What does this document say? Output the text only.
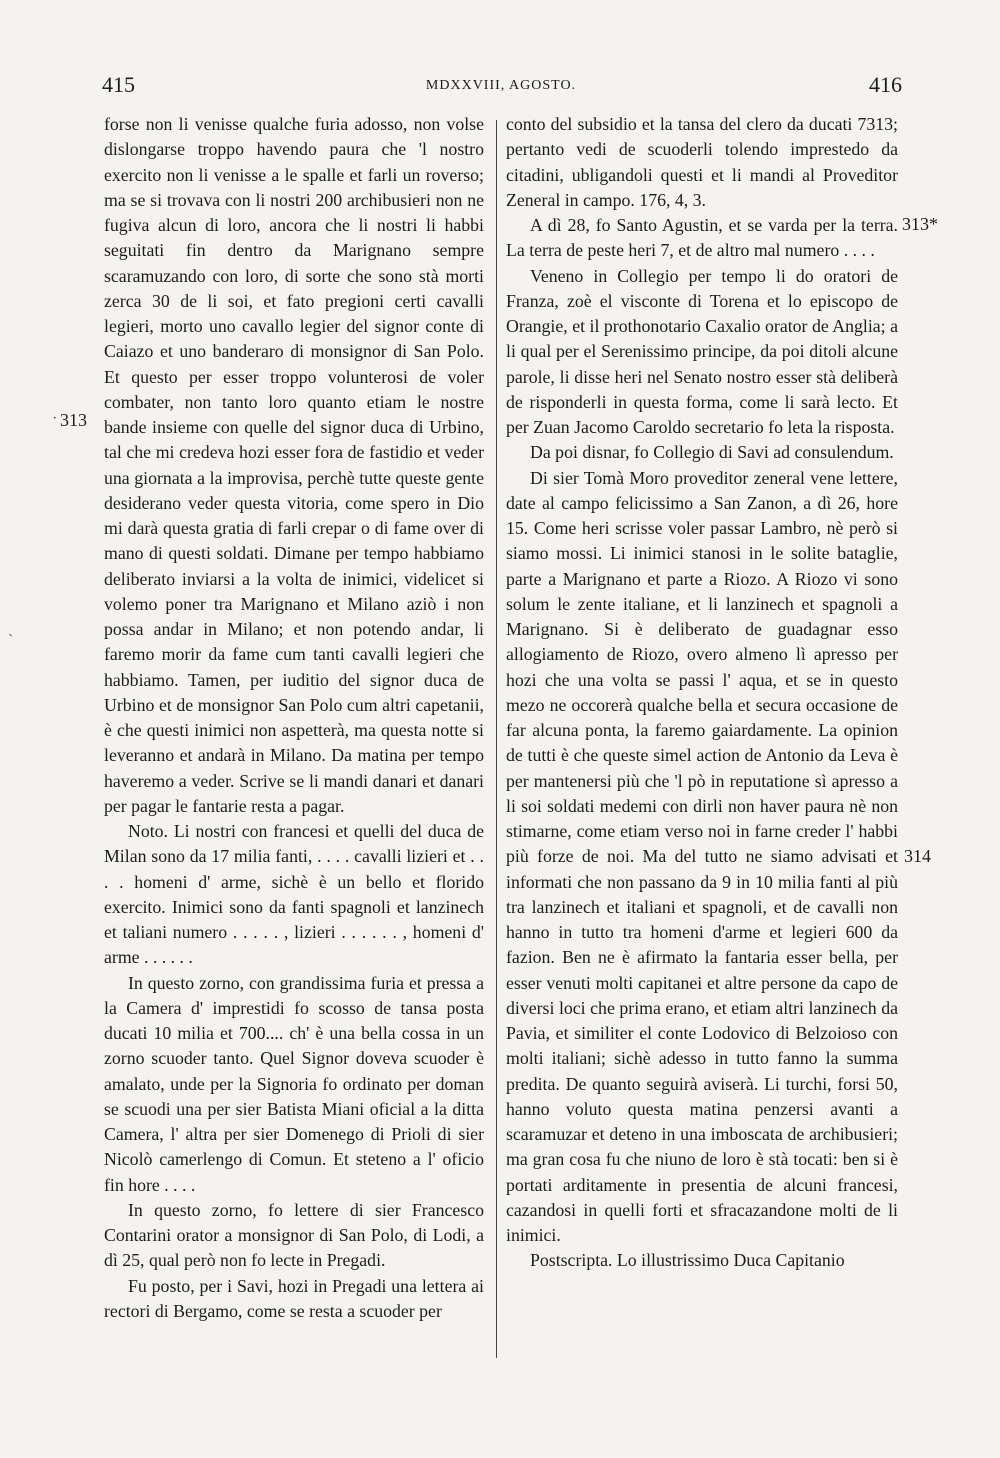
415	MDXXVIII, AGOSTO.	416
·
˴
313
313*
314

forse non li venisse qualche furia adosso, non volse dislongarse troppo havendo paura che 'l nostro exercito non li venisse a le spalle et farli un roverso; ma se si trovava con li nostri 200 archibusieri non ne fugiva alcun di loro, ancora che li nostri li habbi seguitati fin dentro da Marignano sempre scaramuzando con loro, di sorte che sono stà morti zerca 30 de li soi, et fato pregioni certi cavalli legieri, morto uno cavallo legier del signor conte di Caiazo et uno banderaro di monsignor di San Polo. Et questo per esser troppo volunterosi de voler combater, non tanto loro quanto etiam le nostre bande insieme con quelle del signor duca di Urbino, tal che mi credeva hozi esser fora de fastidio et veder una giornata a la improvisa, perchè tutte queste gente desiderano veder questa vitoria, come spero in Dio mi darà questa gratia di farli crepar o di fame over di mano di questi soldati. Dimane per tempo habbiamo deliberato inviarsi a la volta de inimici, videlicet si volemo poner tra Marignano et Milano aziò i non possa andar in Milano; et non potendo andar, li faremo morir da fame cum tanti cavalli legieri che habbiamo. Tamen, per iuditio del signor duca de Urbino et de monsignor San Polo cum altri capetanii, è che questi inimici non aspetterà, ma questa notte si leveranno et andarà in Milano. Da matina per tempo haveremo a veder. Scrive se li mandi danari et danari per pagar le fantarie resta a pagar.

Noto. Li nostri con francesi et quelli del duca de Milan sono da 17 milia fanti, . . . . cavalli lizieri et . . . . homeni d' arme, sichè è un bello et florido exercito. Inimici sono da fanti spagnoli et lanzinech et taliani numero . . . . . , lizieri . . . . . . , homeni d' arme . . . . . .

In questo zorno, con grandissima furia et pressa a la Camera d' imprestidi fo scosso de tansa posta ducati 10 milia et 700.... ch' è una bella cossa in un zorno scuoder tanto. Quel Signor doveva scuoder è amalato, unde per la Signoria fo ordinato per doman se scuodi una per sier Batista Miani oficial a la ditta Camera, l' altra per sier Domenego di Prioli di sier Nicolò camerlengo di Comun. Et steteno a l' oficio fin hore . . . .

In questo zorno, fo lettere di sier Francesco Contarini orator a monsignor di San Polo, di Lodi, a dì 25, qual però non fo lecte in Pregadi.

Fu posto, per i Savi, hozi in Pregadi una lettera ai rectori di Bergamo, come se resta a scuoder per

conto del subsidio et la tansa del clero da ducati 7313; pertanto vedi de scuoderli tolendo imprestedo da citadini, ubligandoli questi et li mandi al Proveditor Zeneral in campo. 176, 4, 3.

A dì 28, fo Santo Agustin, et se varda per la terra. La terra de peste heri 7, et de altro mal numero . . . .

Veneno in Collegio per tempo li do oratori de Franza, zoè el visconte di Torena et lo episcopo de Orangie, et il prothonotario Caxalio orator de Anglia; a li qual per el Serenissimo principe, da poi ditoli alcune parole, li disse heri nel Senato nostro esser stà deliberà de risponderli in questa forma, come li sarà lecto. Et per Zuan Jacomo Caroldo secretario fo leta la risposta.

Da poi disnar, fo Collegio di Savi ad consulendum.

Di sier Tomà Moro proveditor zeneral vene lettere, date al campo felicissimo a San Zanon, a dì 26, hore 15. Come heri scrisse voler passar Lambro, nè però si siamo mossi. Li inimici stanosi in le solite bataglie, parte a Marignano et parte a Riozo. A Riozo vi sono solum le zente italiane, et li lanzinech et spagnoli a Marignano. Si è deliberato de guadagnar esso allogiamento de Riozo, overo almeno lì apresso per hozi che una volta se passi l' aqua, et se in questo mezo ne occorerà qualche bella et secura occasione de far alcuna ponta, la faremo gaiardamente. La opinion de tutti è che queste simel action de Antonio da Leva è per mantenersi più che 'l pò in reputatione sì apresso a li soi soldati medemi con dirli non haver paura nè non stimarne, come etiam verso noi in farne creder l' habbi più forze de noi. Ma del tutto ne siamo advisati et informati che non passano da 9 in 10 milia fanti al più tra lanzinech et italiani et spagnoli, et de cavalli non hanno in tutto tra homeni d'arme et legieri 600 da fazion. Ben ne è afirmato la fantaria esser bella, per esser venuti molti capitanei et altre persone da capo de diversi loci che prima erano, et etiam altri lanzinech da Pavia, et similiter el conte Lodovico di Belzoioso con molti italiani; sichè adesso in tutto fanno la summa predita. De quanto seguirà aviserà. Li turchi, forsi 50, hanno voluto questa matina penzersi avanti a scaramuzar et deteno in una imboscata de archibusieri; ma gran cosa fu che niuno de loro è stà tocati: ben si è portati arditamente in presentia de alcuni francesi, cazandosi in quelli forti et sfracazandone molti de li inimici.

Postscripta. Lo illustrissimo Duca Capitanio
